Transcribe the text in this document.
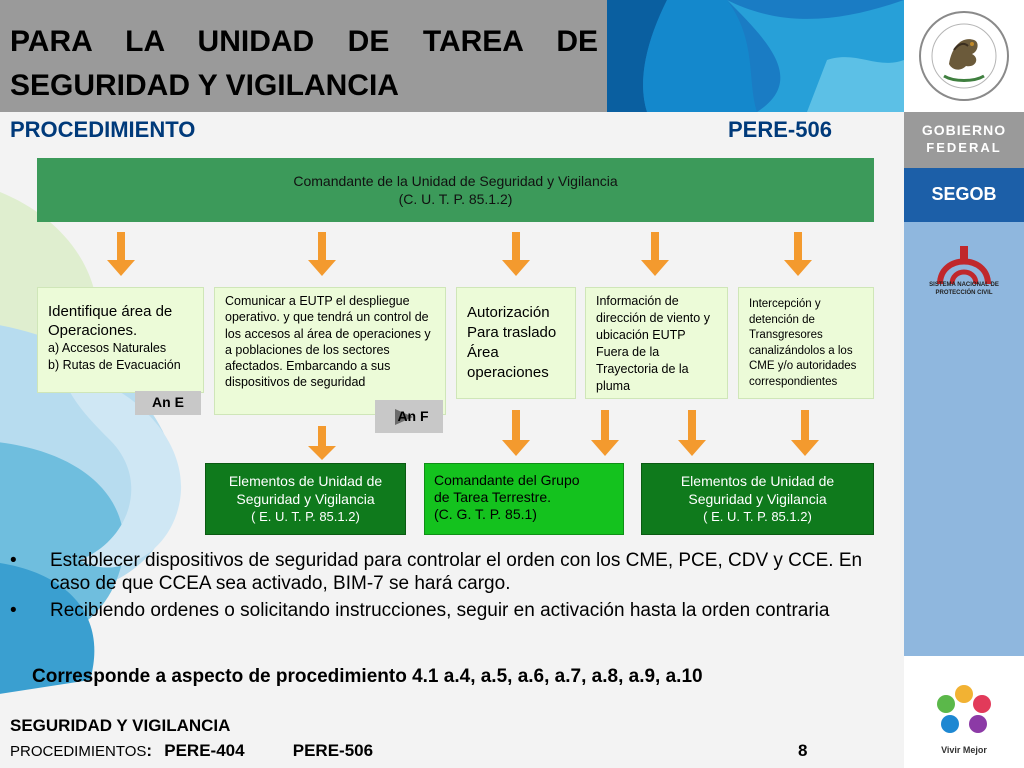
PARA LA UNIDAD DE TAREA DE
SEGURIDAD Y VIGILANCIA
PROCEDIMIENTO	PERE-506
Comandante de la Unidad de Seguridad y Vigilancia
(C. U. T. P. 85.1.2)
Identifique área de
Operaciones.
a) Accesos Naturales
b) Rutas de Evacuación
Comunicar a EUTP el despliegue operativo. y que tendrá un control de los accesos al área de operaciones y a poblaciones de los sectores afectados. Embarcando a sus dispositivos de seguridad
Autorización Para traslado Área operaciones
Información de dirección de viento y ubicación EUTP Fuera de la Trayectoria de la pluma
Intercepción y detención de Transgresores canalizándolos a los CME y/o autoridades correspondientes
An E
An F
Elementos de Unidad de
Seguridad y Vigilancia
( E. U. T. P. 85.1.2)
Comandante del Grupo
de Tarea Terrestre.
(C. G. T. P. 85.1)
Elementos de Unidad de
Seguridad y Vigilancia
( E. U. T. P. 85.1.2)
• Establecer dispositivos de seguridad para controlar el orden con los CME, PCE, CDV y CCE. En caso de que CCEA sea activado, BIM-7 se hará cargo.
• Recibiendo ordenes o solicitando instrucciones, seguir en activación hasta la orden contraria
Corresponde a aspecto de procedimiento 4.1 a.4, a.5, a.6, a.7, a.8, a.9, a.10
SEGURIDAD Y VIGILANCIA
PROCEDIMIENTOS: PERE-404	PERE-506	8
GOBIERNO
FEDERAL
SEGOB
SISTEMA NACIONAL DE
PROTECCIÓN CIVIL
Vivir Mejor
